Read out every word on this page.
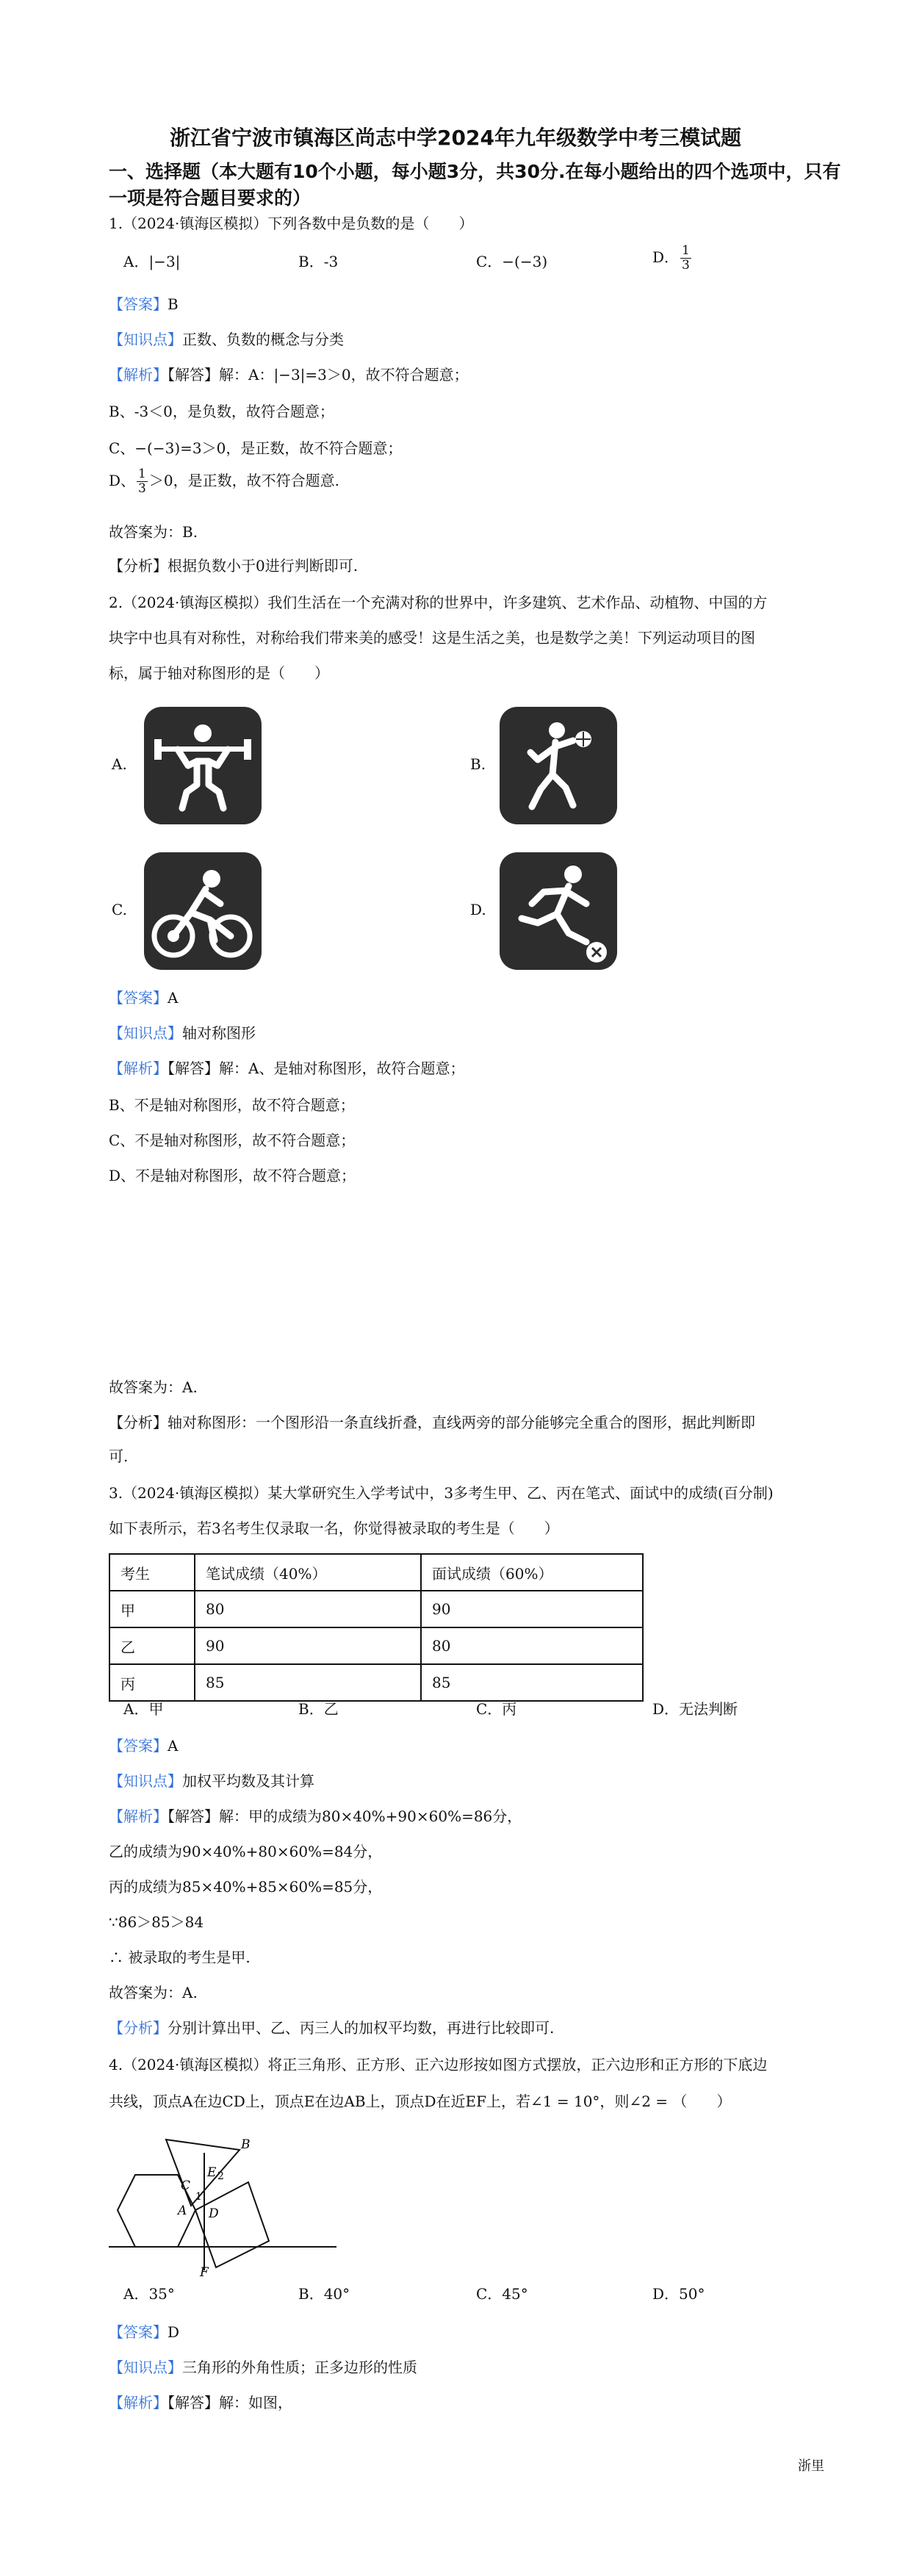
浙江省宁波市镇海区尚志中学2024年九年级数学中考三模试题
一、选择题（本大题有10个小题，每小题3分，共30分.在每小题给出的四个选项中，只有
一项是符合题目要求的）
1.（2024·镇海区模拟）下列各数中是负数的是（　　）
A．|−3|	B．-3	C．−(−3)	D． $\frac{1}{3}$
【答案】B
【知识点】正数、负数的概念与分类
【解析】【解答】解：A：|−3|=3＞0，故不符合题意；
B、-3＜0，是负数，故符合题意；
C、−(−3)=3＞0，是正数，故不符合题意；
D、 $\frac{1}{3} >0$，是正数，故不符合题意.
故答案为：B.
【分析】根据负数小于0进行判断即可.
2.（2024·镇海区模拟）我们生活在一个充满对称的世界中，许多建筑、艺术作品、动植物、中国的方
块字中也具有对称性，对称给我们带来美的感受！这是生活之美，也是数学之美！下列运动项目的图
标，属于轴对称图形的是（　　）
A.	B.
C.	D.
【答案】A
【知识点】轴对称图形
【解析】【解答】解：A、是轴对称图形，故符合题意；
B、不是轴对称图形，故不符合题意；
C、不是轴对称图形，故不符合题意；
D、不是轴对称图形，故不符合题意；
故答案为：A.
【分析】轴对称图形：一个图形沿一条直线折叠，直线两旁的部分能够完全重合的图形，据此判断即
可.
3.（2024·镇海区模拟）某大掌研究生入学考试中，3多考生甲、乙、丙在笔式、面试中的成绩(百分制)
如下表所示，若3名考生仅录取一名，你觉得被录取的考生是（　　）
考生	笔试成绩（40%）	面试成绩（60%）
甲	80	90
乙	90	80
丙	85	85
A．甲	B．乙	C．丙	D．无法判断
【答案】A
【知识点】加权平均数及其计算
【解析】【解答】解：甲的成绩为80×40%+90×60%=86分，
乙的成绩为90×40%+80×60%=84分，
丙的成绩为85×40%+85×60%=85分，
∵86＞85＞84
∴ 被录取的考生是甲.
故答案为：A.
【分析】分别计算出甲、乙、丙三人的加权平均数，再进行比较即可.
4.（2024·镇海区模拟）将正三角形、正方形、正六边形按如图方式摆放，正六边形和正方形的下底边
共线，顶点A在边CD上，顶点E在边AB上，顶点D在近EF上，若∠1 = 10°，则∠2 = （　　）
B
E
C
A D
F
1
2
A．35°	B．40°	C．45°	D．50°
【答案】D
【知识点】三角形的外角性质；正多边形的性质
【解析】【解答】解：如图，
浙里
